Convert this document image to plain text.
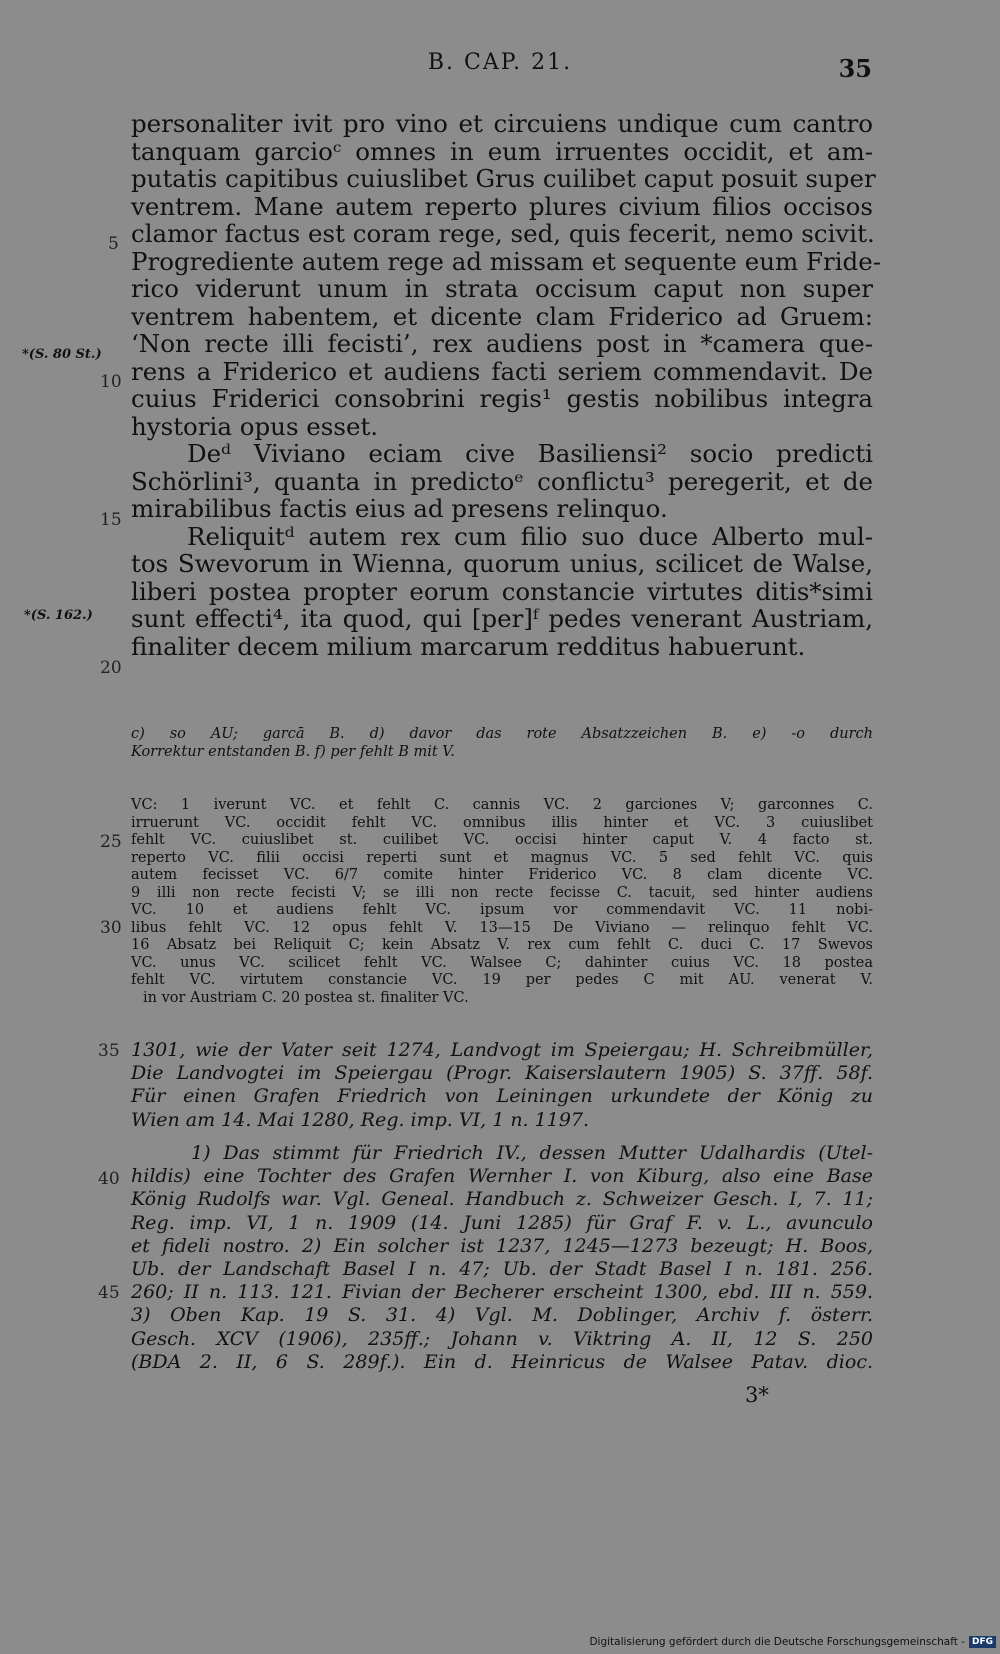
B. CAP. 21.	35
personaliter ivit pro vino et circuiens undique cum cantro
tanquam garcioᶜ omnes in eum irruentes occidit, et am-
putatis capitibus cuiuslibet Grus cuilibet caput posuit super
ventrem. Mane autem reperto plures civium filios occisos
clamor factus est coram rege, sed, quis fecerit, nemo scivit.
Progrediente autem rege ad missam et sequente eum Fride-
rico viderunt unum in strata occisum caput non super
ventrem habentem, et dicente clam Friderico ad Gruem:
‘Non recte illi fecisti’, rex audiens post in *camera que-
rens a Friderico et audiens facti seriem commendavit. De
cuius Friderici consobrini regis¹ gestis nobilibus integra
hystoria opus esset.
Deᵈ Viviano eciam cive Basiliensi² socio predicti
Schörlini³, quanta in predictoᵉ conflictu³ peregerit, et de
mirabilibus factis eius ad presens relinquo.
Reliquitᵈ autem rex cum filio suo duce Alberto mul-
tos Swevorum in Wienna, quorum unius, scilicet de Walse,
liberi postea propter eorum constancie virtutes ditis*simi
sunt effecti⁴, ita quod, qui [per]ᶠ pedes venerant Austriam,
finaliter decem milium marcarum redditus habuerunt.
5
10
15
20
25
30
35
40
45
*(S. 80 St.)
*(S. 162.)
c) so AU; garcā B. d) davor das rote Absatzzeichen B. e) -o durch
Korrektur entstanden B. f) per fehlt B mit V.
VC: 1 iverunt VC. et fehlt C. cannis VC. 2 garciones V; garconnes C.
irruerunt VC. occidit fehlt VC. omnibus illis hinter et VC. 3 cuiuslibet
fehlt VC. cuiuslibet st. cuilibet VC. occisi hinter caput V. 4 facto st.
reperto VC. filii occisi reperti sunt et magnus VC. 5 sed fehlt VC. quis
autem fecisset VC. 6/7 comite hinter Friderico VC. 8 clam dicente VC.
9 illi non recte fecisti V; se illi non recte fecisse C. tacuit, sed hinter audiens
VC. 10 et audiens fehlt VC. ipsum vor commendavit VC. 11 nobi-
libus fehlt VC. 12 opus fehlt V. 13—15 De Viviano — relinquo fehlt VC.
16 Absatz bei Reliquit C; kein Absatz V. rex cum fehlt C. duci C. 17 Swevos
VC. unus VC. scilicet fehlt VC. Walsee C; dahinter cuius VC. 18 postea
fehlt VC. virtutem constancie VC. 19 per pedes C mit AU. venerat V.
in vor Austriam C. 20 postea st. finaliter VC.
1301, wie der Vater seit 1274, Landvogt im Speiergau; H. Schreibmüller,
Die Landvogtei im Speiergau (Progr. Kaiserslautern 1905) S. 37ff. 58f.
Für einen Grafen Friedrich von Leiningen urkundete der König zu
Wien am 14. Mai 1280, Reg. imp. VI, 1 n. 1197.
1) Das stimmt für Friedrich IV., dessen Mutter Udalhardis (Utel-
hildis) eine Tochter des Grafen Wernher I. von Kiburg, also eine Base
König Rudolfs war. Vgl. Geneal. Handbuch z. Schweizer Gesch. I, 7. 11;
Reg. imp. VI, 1 n. 1909 (14. Juni 1285) für Graf F. v. L., avunculo
et fideli nostro. 2) Ein solcher ist 1237, 1245—1273 bezeugt; H. Boos,
Ub. der Landschaft Basel I n. 47; Ub. der Stadt Basel I n. 181. 256.
260; II n. 113. 121. Fivian der Becherer erscheint 1300, ebd. III n. 559.
3) Oben Kap. 19 S. 31. 4) Vgl. M. Doblinger, Archiv f. österr.
Gesch. XCV (1906), 235ff.; Johann v. Viktring A. II, 12 S. 250
(BDA 2. II, 6 S. 289f.). Ein d. Heinricus de Walsee Patav. dioc.
3*
Digitalisierung gefördert durch die Deutsche Forschungsgemeinschaft - DFG
